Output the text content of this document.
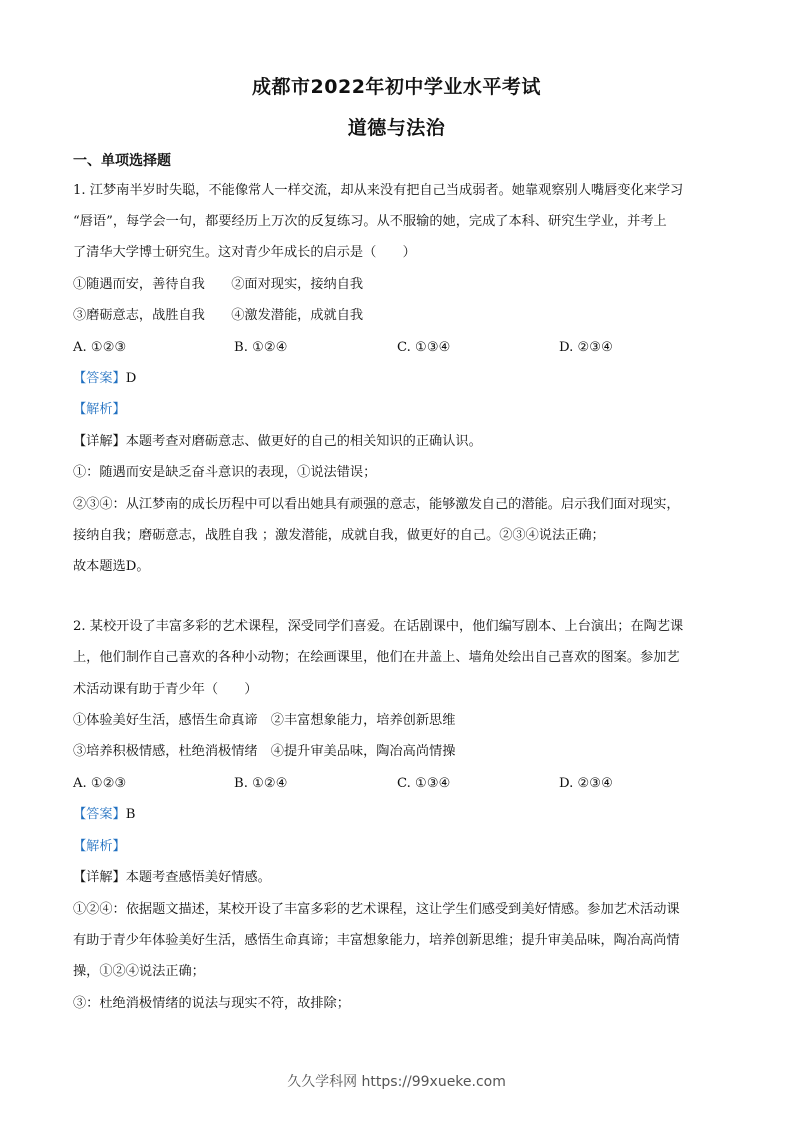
成都市2022年初中学业水平考试
道德与法治
一、单项选择题
1. 江梦南半岁时失聪，不能像常人一样交流，却从来没有把自己当成弱者。她靠观察别人嘴唇变化来学习
“唇语”，每学会一句，都要经历上万次的反复练习。从不服输的她，完成了本科、研究生学业，并考上
了清华大学博士研究生。这对青少年成长的启示是（　　）
①随遇而安，善待自我　　②面对现实，接纳自我
③磨砺意志，战胜自我　　④激发潜能，成就自我
A. ①②③	B. ①②④	C. ①③④	D. ②③④
【答案】D
【解析】
【详解】本题考查对磨砺意志、做更好的自己的相关知识的正确认识。
①：随遇而安是缺乏奋斗意识的表现，①说法错误；
②③④：从江梦南的成长历程中可以看出她具有顽强的意志，能够激发自己的潜能。启示我们面对现实，
接纳自我；磨砺意志，战胜自我 ；激发潜能，成就自我，做更好的自己。②③④说法正确；
故本题选D。
2. 某校开设了丰富多彩的艺术课程，深受同学们喜爱。在话剧课中，他们编写剧本、上台演出；在陶艺课
上，他们制作自己喜欢的各种小动物；在绘画课里，他们在井盖上、墙角处绘出自己喜欢的图案。参加艺
术活动课有助于青少年（　　）
①体验美好生活，感悟生命真谛　②丰富想象能力，培养创新思维
③培养积极情感，杜绝消极情绪　④提升审美品味，陶冶高尚情操
A. ①②③	B. ①②④	C. ①③④	D. ②③④
【答案】B
【解析】
【详解】本题考查感悟美好情感。
①②④：依据题文描述，某校开设了丰富多彩的艺术课程，这让学生们感受到美好情感。参加艺术活动课
有助于青少年体验美好生活，感悟生命真谛；丰富想象能力，培养创新思维；提升审美品味，陶冶高尚情
操，①②④说法正确；
③：杜绝消极情绪的说法与现实不符，故排除；
久久学科网 https://99xueke.com
